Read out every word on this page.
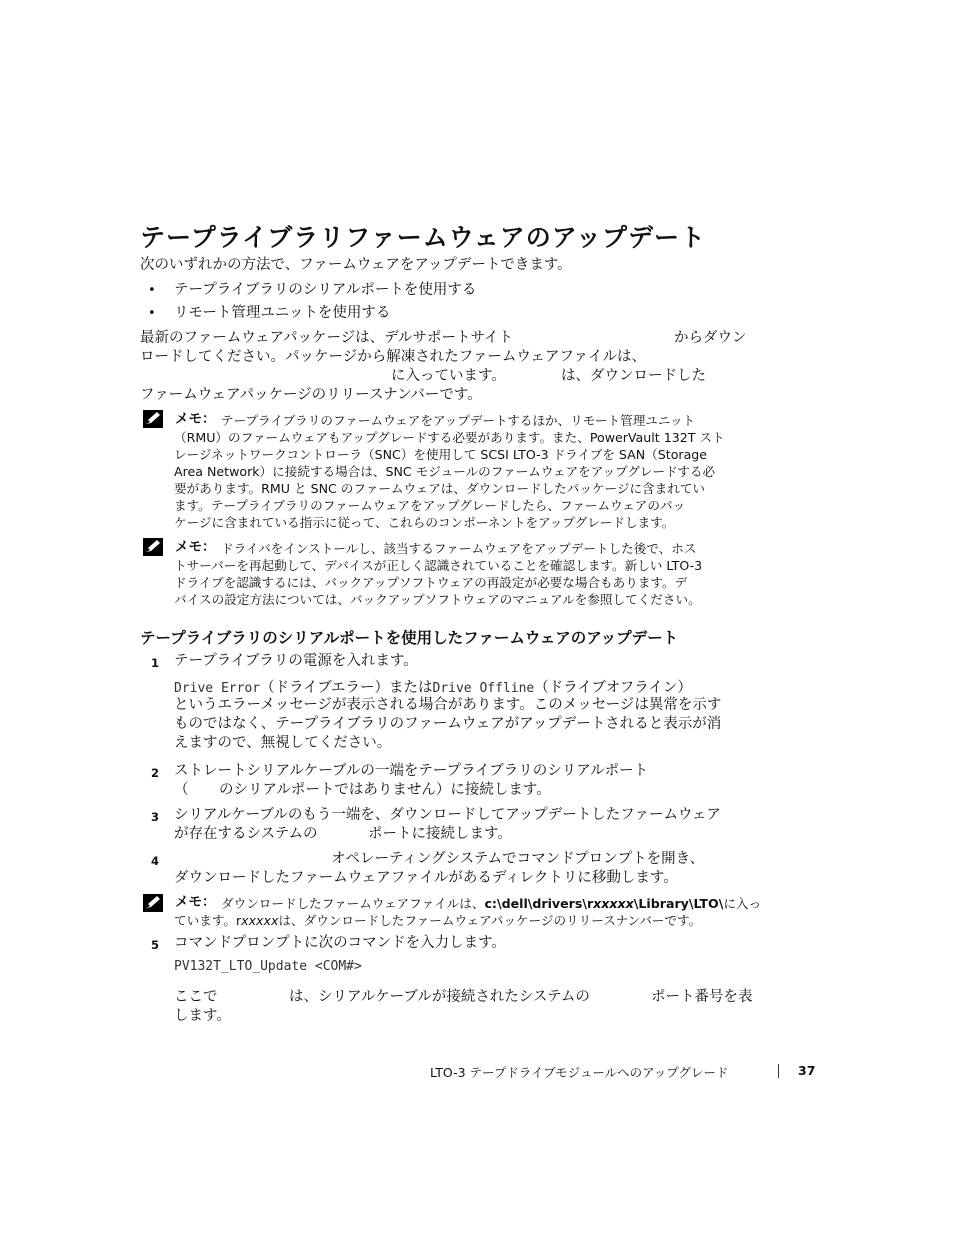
テープライブラリファームウェアのアップデート
次のいずれかの方法で、ファームウェアをアップデートできます。
• テープライブラリのシリアルポートを使用する
• リモート管理ユニットを使用する
最新のファームウェアパッケージは、デルサポートサイト	からダウン
ロードしてください。パッケージから解凍されたファームウェアファイルは、
に入っています。	は、ダウンロードした
ファームウェアパッケージのリリースナンバーです。
メモ： テープライブラリのファームウェアをアップデートするほか、リモート管理ユニット
（RMU）のファームウェアもアップグレードする必要があります。また、PowerVault 132T スト
レージネットワークコントローラ（SNC）を使用して SCSI LTO-3 ドライブを SAN（Storage
Area Network）に接続する場合は、SNC モジュールのファームウェアをアップグレードする必
要があります。RMU と SNC のファームウェアは、ダウンロードしたパッケージに含まれてい
ます。テープライブラリのファームウェアをアップグレードしたら、ファームウェアのパッ
ケージに含まれている指示に従って、これらのコンポーネントをアップグレードします。
メモ： ドライバをインストールし、該当するファームウェアをアップデートした後で、ホス
トサーバーを再起動して、デバイスが正しく認識されていることを確認します。新しい LTO-3
ドライブを認識するには、バックアップソフトウェアの再設定が必要な場合もあります。デ
バイスの設定方法については、バックアップソフトウェアのマニュアルを参照してください。
テープライブラリのシリアルポートを使用したファームウェアのアップデート
1 テープライブラリの電源を入れます。
Drive Error（ドライブエラー）またはDrive Offline（ドライブオフライン）
というエラーメッセージが表示される場合があります。このメッセージは異常を示す
ものではなく、テープライブラリのファームウェアがアップデートされると表示が消
えますので、無視してください。
2 ストレートシリアルケーブルの一端をテープライブラリのシリアルポート
（ のシリアルポートではありません）に接続します。
3 シリアルケーブルのもう一端を、ダウンロードしてアップデートしたファームウェア
が存在するシステムの	ポートに接続します。
4	オペレーティングシステムでコマンドプロンプトを開き、
ダウンロードしたファームウェアファイルがあるディレクトリに移動します。
メモ： ダウンロードしたファームウェアファイルは、c:\dell\drivers\rxxxxx\Library\LTO\に入っ
ています。rxxxxxは、ダウンロードしたファームウェアパッケージのリリースナンバーです。
5 コマンドプロンプトに次のコマンドを入力します。
PV132T_LTO_Update <COM#>
ここで	は、シリアルケーブルが接続されたシステムの	ポート番号を表
します。
LTO-3 テープドライブモジュールへのアップグレード	37
